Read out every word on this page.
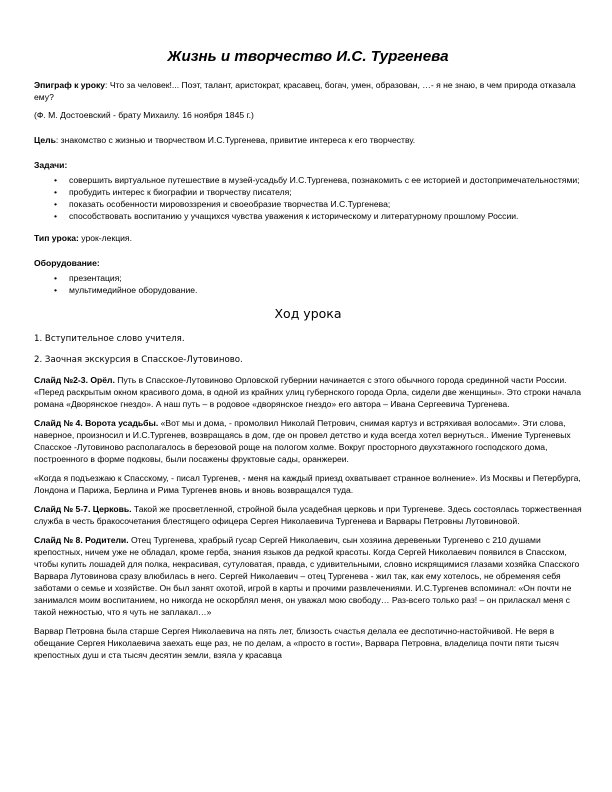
Жизнь и творчество И.С. Тургенева

Эпиграф к уроку: Что за человек!... Поэт, талант, аристократ, красавец, богач, умен, образован, …- я не знаю, в чем природа отказала ему?

(Ф. М. Достоевский - брату Михаилу. 16 ноября 1845 г.)

Цель: знакомство с жизнью и творчеством И.С.Тургенева, привитие интереса к его творчеству.

Задачи:

• совершить виртуальное путешествие в музей-усадьбу И.С.Тургенева, познакомить с ее историей и достопримечательностями;
• пробудить интерес к биографии и творчеству писателя;
• показать особенности мировоззрения и своеобразие творчества И.С.Тургенева;
• способствовать воспитанию у учащихся чувства уважения к историческому и литературному прошлому России.

Тип урока: урок-лекция.

Оборудование:

• презентация;
• мультимедийное оборудование.
Ход урока
1. Вступительное слово учителя.
2. Заочная экскурсия в Спасское-Лутовиново.

Слайд №2-3. Орёл. Путь в Спасское-Лутовиново Орловской губернии начинается с этого обычного города срединной части России. «Перед раскрытым окном красивого дома, в одной из крайних улиц губернского города Орла, сидели две женщины». Это строки начала романа «Дворянское гнездо». А наш путь – в родовое «дворянское гнездо» его автора – Ивана Сергеевича Тургенева.

Слайд № 4. Ворота усадьбы. «Вот мы и дома, - промолвил Николай Петрович, снимая картуз и встряхивая волосами». Эти слова, наверное, произносил и И.С.Тургенев, возвращаясь в дом, где он провел детство и куда всегда хотел вернуться.. Имение Тургеневых Спасское -Лутовиново располагалось в березовой роще на пологом холме. Вокруг просторного двухэтажного господского дома, построенного в форме подковы, были посажены фруктовые сады, оранжереи.

«Когда я подъезжаю к Спасскому, - писал Тургенев, - меня на каждый приезд охватывает странное волнение». Из Москвы и Петербурга, Лондона и Парижа, Берлина и Рима Тургенев вновь и вновь возвращался туда.

Слайд № 5-7. Церковь. Такой же просветленной, стройной была усадебная церковь и при Тургеневе. Здесь состоялась торжественная служба в честь бракосочетания блестящего офицера Сергея Николаевича Тургенева и Варвары Петровны Лутовиновой.

Слайд № 8. Родители. Отец Тургенева, храбрый гусар Сергей Николаевич, сын хозяина деревеньки Тургенево с 210 душами крепостных, ничем уже не обладал, кроме герба, знания языков да редкой красоты. Когда Сергей Николаевич появился в Спасском, чтобы купить лошадей для полка, некрасивая, сутуловатая, правда, с удивительными, словно искрящимися глазами хозяйка Спасского Варвара Лутовинова сразу влюбилась в него. Сергей Николаевич – отец Тургенева - жил так, как ему хотелось, не обременяя себя заботами о семье и хозяйстве. Он был занят охотой, игрой в карты и прочими развлечениями. И.С.Тургенев вспоминал: «Он почти не занимался моим воспитанием, но никогда не оскорблял меня, он уважал мою свободу… Раз-всего только раз! – он приласкал меня с такой нежностью, что я чуть не заплакал…»

Варвар Петровна была старше Сергея Николаевича на пять лет, близость счастья делала ее деспотично-настойчивой. Не веря в обещание Сергея Николаевича заехать еще раз, не по делам, а «просто в гости», Варвара Петровна, владелица почти пяти тысяч крепостных душ и ста тысяч десятин земли, взяла у красавца
